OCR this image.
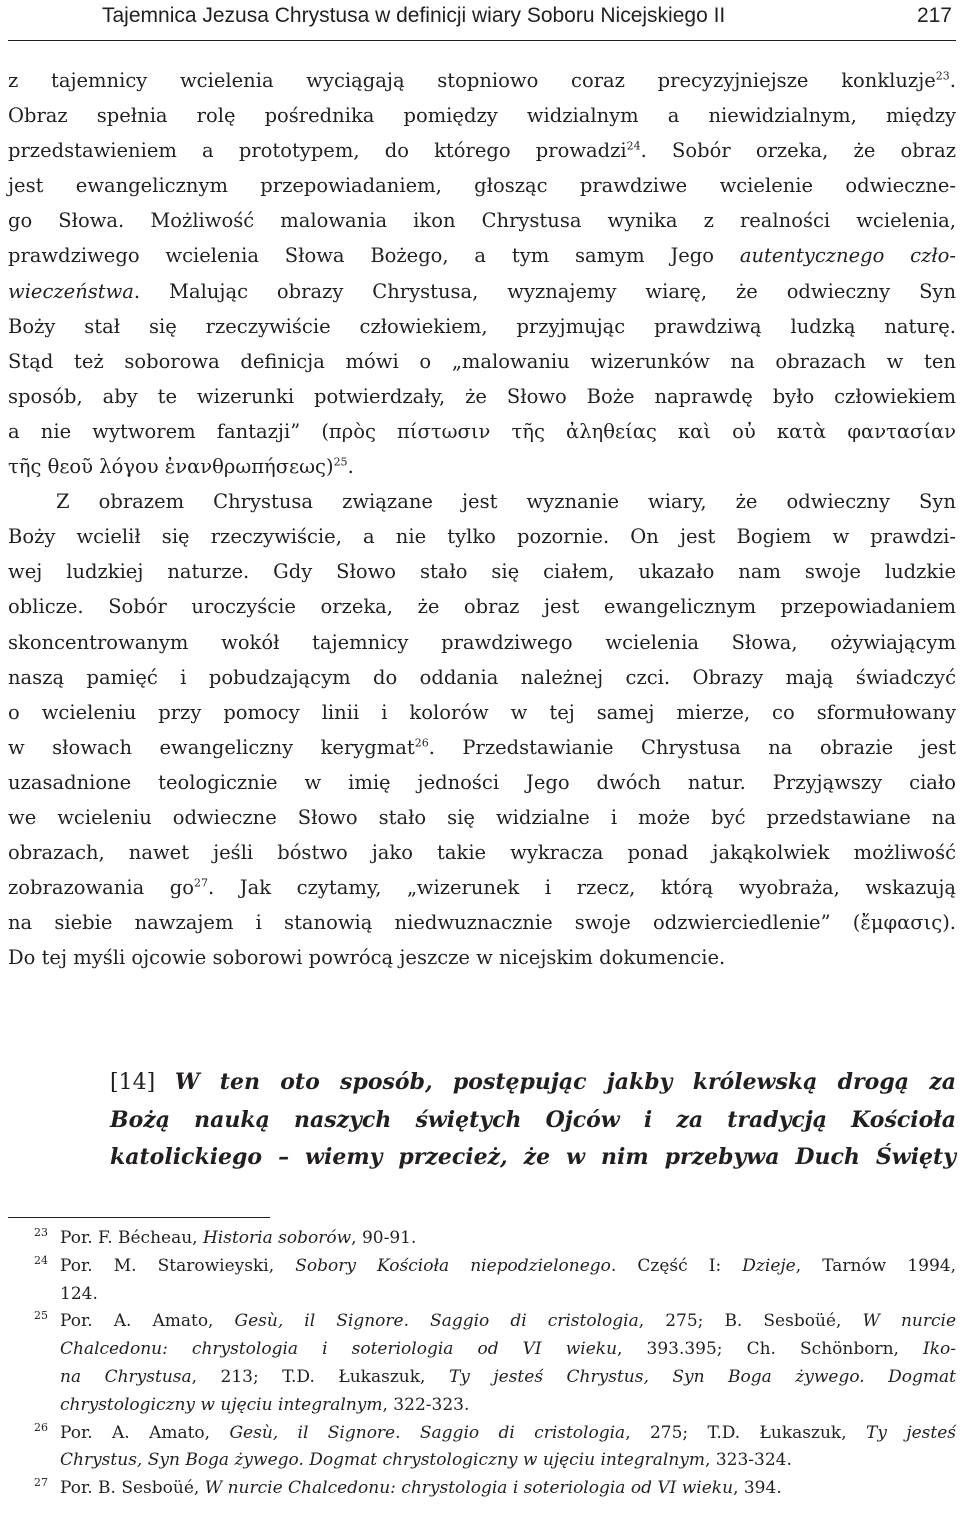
Tajemnica Jezusa Chrystusa w definicji wiary Soboru Nicejskiego II	217
z tajemnicy wcielenia wyciągają stopniowo coraz precyzyjniejsze konkluzje$^{23}$.
Obraz spełnia rolę pośrednika pomiędzy widzialnym a niewidzialnym, między
przedstawieniem a prototypem, do którego prowadzi$^{24}$. Sobór orzeka, że obraz
jest ewangelicznym przepowiadaniem, głosząc prawdziwe wcielenie odwieczne-
go Słowa. Możliwość malowania ikon Chrystusa wynika z realności wcielenia,
prawdziwego wcielenia Słowa Bożego, a tym samym Jego autentycznego czło-
wieczeństwa. Malując obrazy Chrystusa, wyznajemy wiarę, że odwieczny Syn
Boży stał się rzeczywiście człowiekiem, przyjmując prawdziwą ludzką naturę.
Stąd też soborowa definicja mówi o „malowaniu wizerunków na obrazach w ten
sposób, aby te wizerunki potwierdzały, że Słowo Boże naprawdę było człowiekiem
a nie wytworem fantazji” (πρὸς πίστωσιν τῆς ἀληθείας καὶ οὐ κατὰ φαντασίαν
τῆς θεοῦ λόγου ἐνανθρωπήσεως)$^{25}$.
Z obrazem Chrystusa związane jest wyznanie wiary, że odwieczny Syn
Boży wcielił się rzeczywiście, a nie tylko pozornie. On jest Bogiem w prawdzi-
wej ludzkiej naturze. Gdy Słowo stało się ciałem, ukazało nam swoje ludzkie
oblicze. Sobór uroczyście orzeka, że obraz jest ewangelicznym przepowiadaniem
skoncentrowanym wokół tajemnicy prawdziwego wcielenia Słowa, ożywiającym
naszą pamięć i pobudzającym do oddania należnej czci. Obrazy mają świadczyć
o wcieleniu przy pomocy linii i kolorów w tej samej mierze, co sformułowany
w słowach ewangeliczny kerygmat$^{26}$. Przedstawianie Chrystusa na obrazie jest
uzasadnione teologicznie w imię jedności Jego dwóch natur. Przyjąwszy ciało
we wcieleniu odwieczne Słowo stało się widzialne i może być przedstawiane na
obrazach, nawet jeśli bóstwo jako takie wykracza ponad jakąkolwiek możliwość
zobrazowania $go^{27}$. Jak czytamy, „wizerunek i rzecz, którą wyobraża, wskazują
na siebie nawzajem i stanowią niedwuznacznie swoje odzwierciedlenie” (ἔμφασις).
Do tej myśli ojcowie soborowi powrócą jeszcze w nicejskim dokumencie.
[14] W ten oto sposób, postępując jakby królewską drogą za
Bożą nauką naszych świętych Ojców i za tradycją Kościoła
katolickiego – wiemy przecież, że w nim przebywa Duch Święty
23 Por. F. Bécheau, Historia soborów, 90-91.
24 Por. M. Starowieyski, Sobory Kościoła niepodzielonego. Część I: Dzieje, Tarnów 1994,
124.
25 Por. A. Amato, Gesù, il Signore. Saggio di cristologia, 275; B. Sesboüé, W nurcie
Chalcedonu: chrystologia i soteriologia od VI wieku, 393.395; Ch. Schönborn, Iko-
na Chrystusa, 213; T.D. Łukaszuk, Ty jesteś Chrystus, Syn Boga żywego. Dogmat
chrystologiczny w ujęciu integralnym, 322-323.
26 Por. A. Amato, Gesù, il Signore. Saggio di cristologia, 275; T.D. Łukaszuk, Ty jesteś
Chrystus, Syn Boga żywego. Dogmat chrystologiczny w ujęciu integralnym, 323-324.
27 Por. B. Sesboüé, W nurcie Chalcedonu: chrystologia i soteriologia od VI wieku, 394.
